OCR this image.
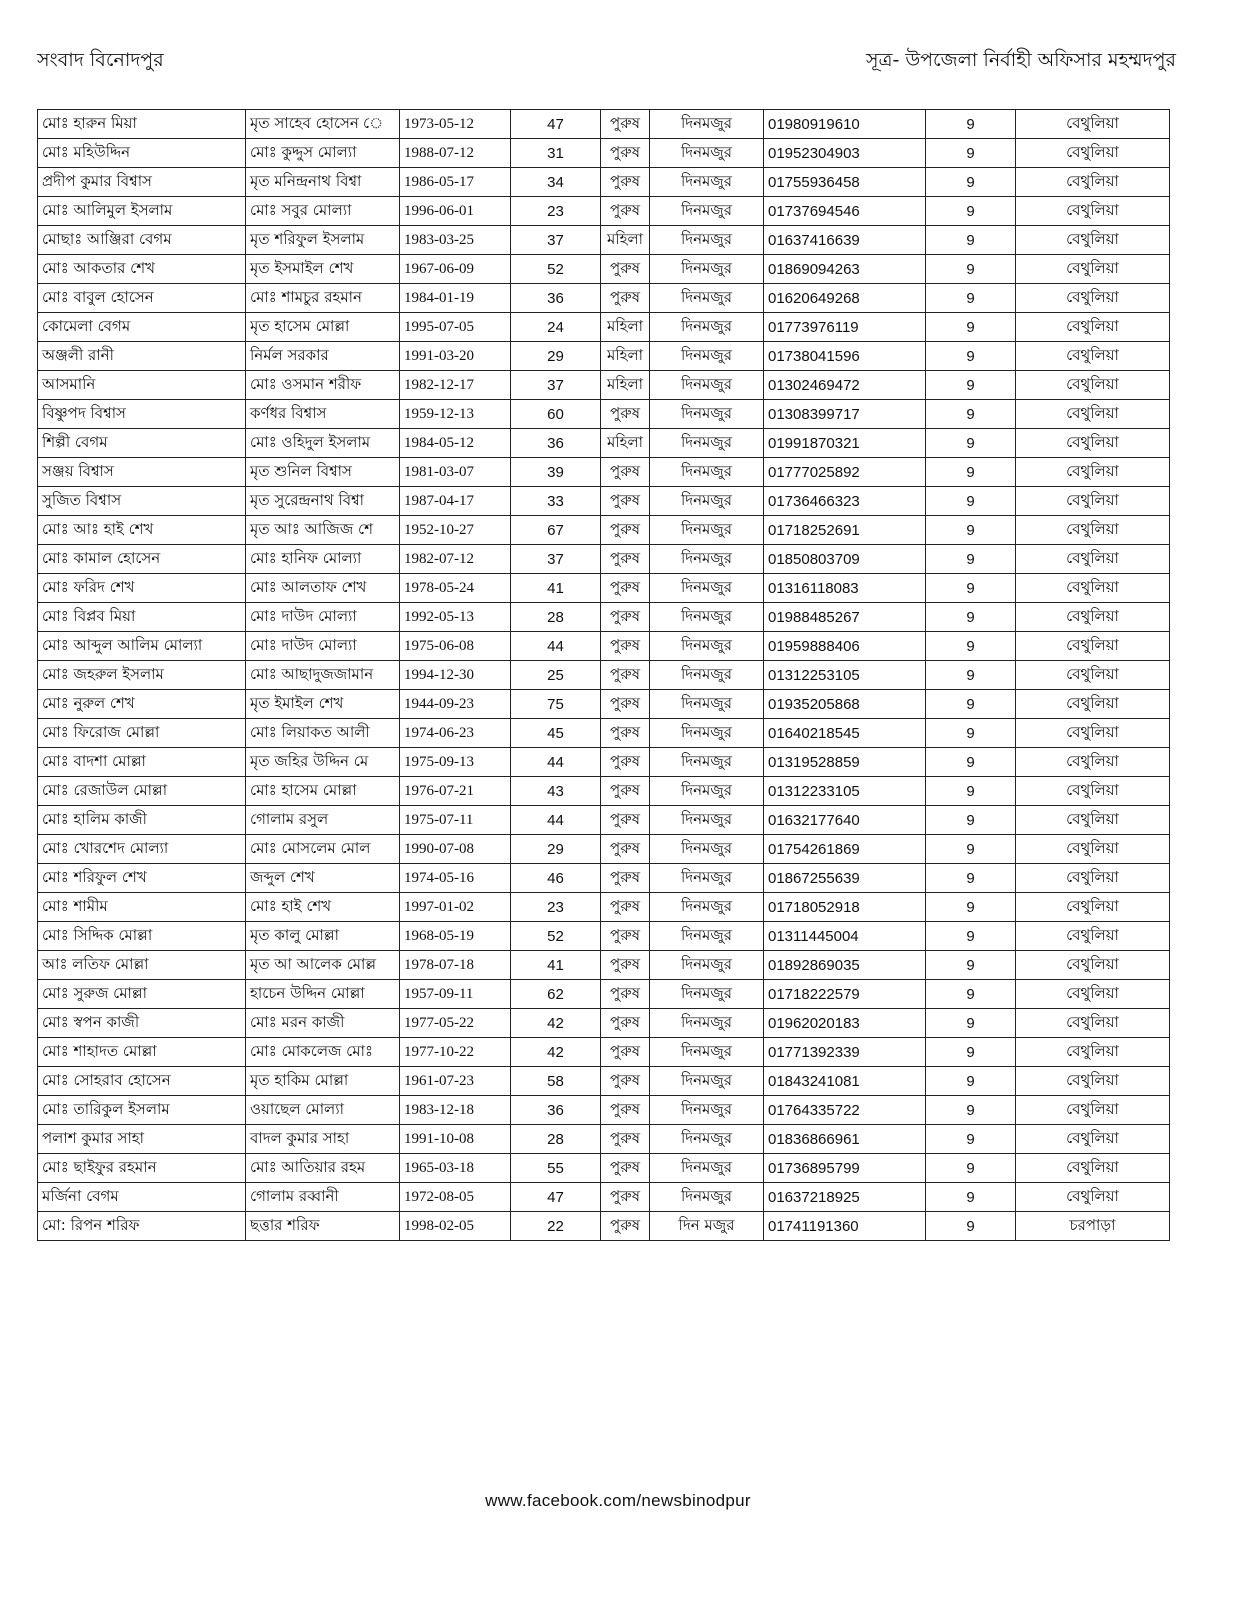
সংবাদ বিনোদপুর	সূত্র- উপজেলা নির্বাহী অফিসার মহম্মদপুর
মোঃ হারুন মিয়া	মৃত সাহেব হোসেন ে	1973-05-12	47	পুরুষ	দিনমজুর	01980919610	9	বেথুলিয়া
মোঃ মহিউদ্দিন	মোঃ কুদ্দুস মোল্যা	1988-07-12	31	পুরুষ	দিনমজুর	01952304903	9	বেথুলিয়া
প্রদীপ কুমার বিশ্বাস	মৃত মনিন্দ্রনাথ বিশ্বা	1986-05-17	34	পুরুষ	দিনমজুর	01755936458	9	বেথুলিয়া
মোঃ আলিমুল ইসলাম	মোঃ সবুর মোল্যা	1996-06-01	23	পুরুষ	দিনমজুর	01737694546	9	বেথুলিয়া
মোছাঃ আঞ্জিরা বেগম	মৃত শরিফুল ইসলাম	1983-03-25	37	মহিলা	দিনমজুর	01637416639	9	বেথুলিয়া
মোঃ আকতার শেখ	মৃত ইসমাইল শেখ	1967-06-09	52	পুরুষ	দিনমজুর	01869094263	9	বেথুলিয়া
মোঃ বাবুল হোসেন	মোঃ শামচুর রহমান	1984-01-19	36	পুরুষ	দিনমজুর	01620649268	9	বেথুলিয়া
কোমেলা বেগম	মৃত হাসেম মোল্লা	1995-07-05	24	মহিলা	দিনমজুর	01773976119	9	বেথুলিয়া
অঞ্জলী রানী	নির্মল সরকার	1991-03-20	29	মহিলা	দিনমজুর	01738041596	9	বেথুলিয়া
আসমানি	মোঃ ওসমান শরীফ	1982-12-17	37	মহিলা	দিনমজুর	01302469472	9	বেথুলিয়া
বিষ্ণুপদ বিশ্বাস	কর্ণধর বিশ্বাস	1959-12-13	60	পুরুষ	দিনমজুর	01308399717	9	বেথুলিয়া
শিল্পী বেগম	মোঃ ওহিদুল ইসলাম	1984-05-12	36	মহিলা	দিনমজুর	01991870321	9	বেথুলিয়া
সঞ্জয় বিশ্বাস	মৃত শুনিল বিশ্বাস	1981-03-07	39	পুরুষ	দিনমজুর	01777025892	9	বেথুলিয়া
সুজিত বিশ্বাস	মৃত সুরেন্দ্রনাথ বিশ্বা	1987-04-17	33	পুরুষ	দিনমজুর	01736466323	9	বেথুলিয়া
মোঃ আঃ হাই শেখ	মৃত আঃ আজিজ শে	1952-10-27	67	পুরুষ	দিনমজুর	01718252691	9	বেথুলিয়া
মোঃ কামাল হোসেন	মোঃ হানিফ মোল্যা	1982-07-12	37	পুরুষ	দিনমজুর	01850803709	9	বেথুলিয়া
মোঃ ফরিদ শেখ	মোঃ আলতাফ শেখ	1978-05-24	41	পুরুষ	দিনমজুর	01316118083	9	বেথুলিয়া
মোঃ বিপ্লব মিয়া	মোঃ দাউদ মোল্যা	1992-05-13	28	পুরুষ	দিনমজুর	01988485267	9	বেথুলিয়া
মোঃ আব্দুল আলিম মোল্যা	মোঃ দাউদ মোল্যা	1975-06-08	44	পুরুষ	দিনমজুর	01959888406	9	বেথুলিয়া
মোঃ জহরুল ইসলাম	মোঃ আছাদুজজামান	1994-12-30	25	পুরুষ	দিনমজুর	01312253105	9	বেথুলিয়া
মোঃ নুরুল শেখ	মৃত ইমাইল শেখ	1944-09-23	75	পুরুষ	দিনমজুর	01935205868	9	বেথুলিয়া
মোঃ ফিরোজ মোল্লা	মোঃ লিয়াকত আলী	1974-06-23	45	পুরুষ	দিনমজুর	01640218545	9	বেথুলিয়া
মোঃ বাদশা মোল্লা	মৃত জহির উদ্দিন মে	1975-09-13	44	পুরুষ	দিনমজুর	01319528859	9	বেথুলিয়া
মোঃ রেজাউল মোল্লা	মোঃ হাসেম মোল্লা	1976-07-21	43	পুরুষ	দিনমজুর	01312233105	9	বেথুলিয়া
মোঃ হালিম কাজী	গোলাম রসুল	1975-07-11	44	পুরুষ	দিনমজুর	01632177640	9	বেথুলিয়া
মোঃ খোরশেদ মোল্যা	মোঃ মোসলেম মোল	1990-07-08	29	পুরুষ	দিনমজুর	01754261869	9	বেথুলিয়া
মোঃ শরিফুল শেখ	জব্দুল শেখ	1974-05-16	46	পুরুষ	দিনমজুর	01867255639	9	বেথুলিয়া
মোঃ শামীম	মোঃ হাই শেখ	1997-01-02	23	পুরুষ	দিনমজুর	01718052918	9	বেথুলিয়া
মোঃ সিদ্দিক মোল্লা	মৃত কালু মোল্লা	1968-05-19	52	পুরুষ	দিনমজুর	01311445004	9	বেথুলিয়া
আঃ লতিফ মোল্লা	মৃত আ আলেক মোল্ল	1978-07-18	41	পুরুষ	দিনমজুর	01892869035	9	বেথুলিয়া
মোঃ সুরুজ মোল্লা	হাচেন উদ্দিন মোল্লা	1957-09-11	62	পুরুষ	দিনমজুর	01718222579	9	বেথুলিয়া
মোঃ স্বপন কাজী	মোঃ মরন কাজী	1977-05-22	42	পুরুষ	দিনমজুর	01962020183	9	বেথুলিয়া
মোঃ শাহাদত মোল্লা	মোঃ মোকলেজ মোঃ	1977-10-22	42	পুরুষ	দিনমজুর	01771392339	9	বেথুলিয়া
মোঃ সোহরাব হোসেন	মৃত হাকিম মোল্লা	1961-07-23	58	পুরুষ	দিনমজুর	01843241081	9	বেথুলিয়া
মোঃ তারিকুল ইসলাম	ওয়াছেল মোল্যা	1983-12-18	36	পুরুষ	দিনমজুর	01764335722	9	বেথুলিয়া
পলাশ কুমার সাহা	বাদল কুমার সাহা	1991-10-08	28	পুরুষ	দিনমজুর	01836866961	9	বেথুলিয়া
মোঃ ছাইফুর রহমান	মোঃ আতিয়ার রহম	1965-03-18	55	পুরুষ	দিনমজুর	01736895799	9	বেথুলিয়া
মর্জিনা বেগম	গোলাম রব্বানী	1972-08-05	47	পুরুষ	দিনমজুর	01637218925	9	বেথুলিয়া
মো: রিপন শরিফ	ছত্তার শরিফ	1998-02-05	22	পুরুষ	দিন মজুর	01741191360	9	চরপাড়া
www.facebook.com/newsbinodpur
